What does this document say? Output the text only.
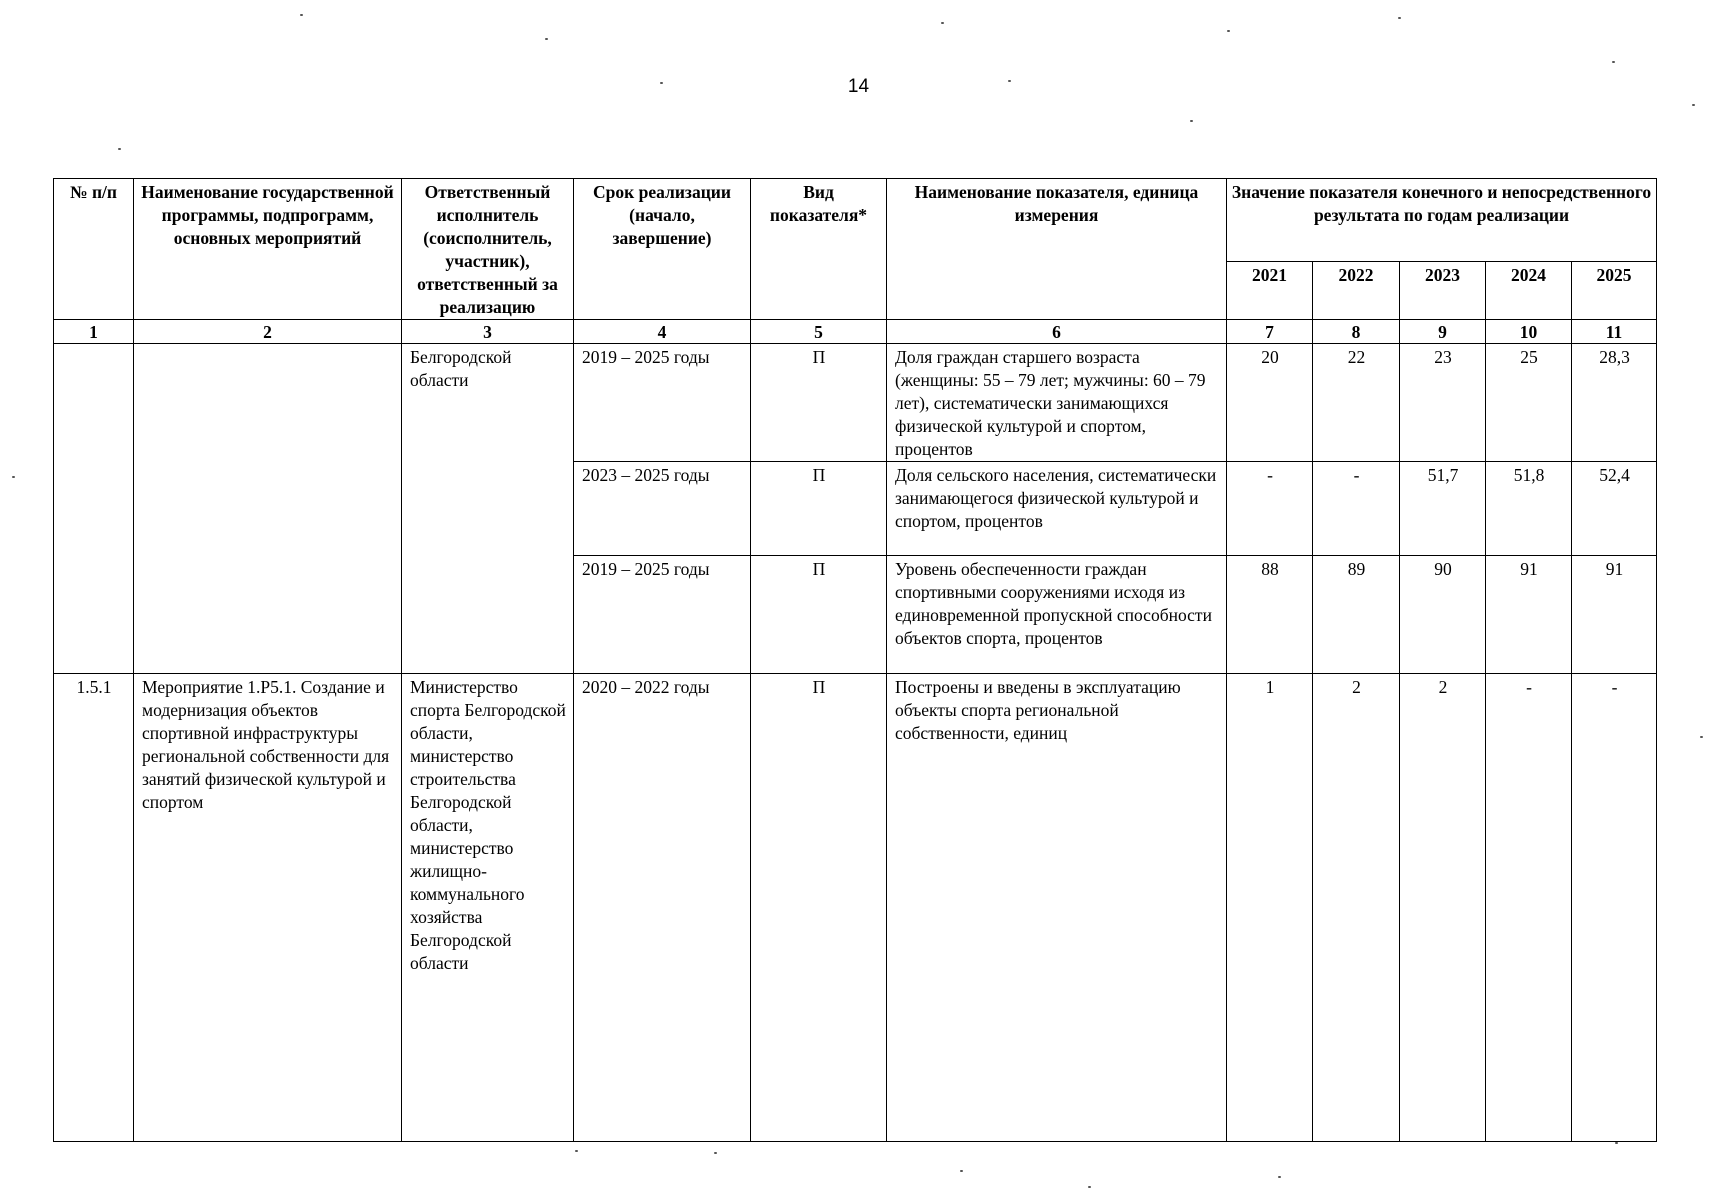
14
№ п/п	Наименование государственной программы, подпрограмм, основных мероприятий	Ответственный исполнитель (соисполнитель, участник), ответственный за реализацию	Срок реализации (начало, завершение)	Вид показателя*	Наименование показателя, единица измерения	Значение показателя конечного и непосредственного результата по годам реализации				
						2021	2022	2023	2024	2025
1	2	3	4	5	6	7	8	9	10	11
		Белгородской области	2019 – 2025 годы	П	Доля граждан старшего возраста (женщины: 55 – 79 лет; мужчины: 60 – 79 лет), систематически занимающихся физической культурой и спортом, процентов	20	22	23	25	28,3
			2023 – 2025 годы	П	Доля сельского населения, систематически занимающегося физической культурой и спортом, процентов	-	-	51,7	51,8	52,4
			2019 – 2025 годы	П	Уровень обеспеченности граждан спортивными сооружениями исходя из единовременной пропускной способности объектов спорта, процентов	88	89	90	91	91
1.5.1	Мероприятие 1.Р5.1. Создание и модернизация объектов спортивной инфраструктуры региональной собственности для занятий физической культурой и спортом	Министерство спорта Белгородской области, министерство строительства Белгородской области, министерство жилищно-коммунального хозяйства Белгородской области	2020 – 2022 годы	П	Построены и введены в эксплуатацию объекты спорта региональной собственности, единиц	1	2	2	-	-
